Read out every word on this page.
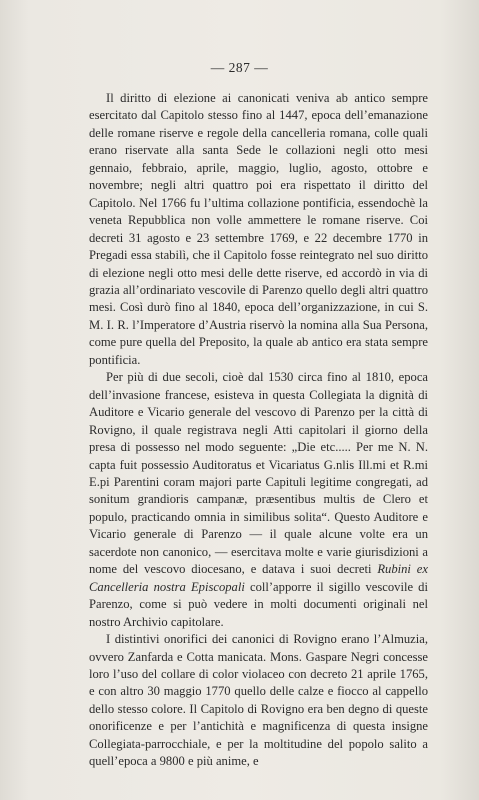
— 287 —

Il diritto di elezione ai canonicati veniva ab antico sempre esercitato dal Capitolo stesso fino al 1447, epoca dell’emanazione delle romane riserve e regole della cancelleria romana, colle quali erano riservate alla santa Sede le collazioni negli otto mesi gennaio, febbraio, aprile, maggio, luglio, agosto, ottobre e novembre; negli altri quattro poi era rispettato il diritto del Capitolo. Nel 1766 fu l’ultima collazione pontificia, essendochè la veneta Repubblica non volle ammettere le romane riserve. Coi decreti 31 agosto e 23 settembre 1769, e 22 decembre 1770 in Pregadi essa stabilì, che il Capitolo fosse reintegrato nel suo diritto di elezione negli otto mesi delle dette riserve, ed accordò in via di grazia all’ordinariato vescovile di Parenzo quello degli altri quattro mesi. Così durò fino al 1840, epoca dell’organizzazione, in cui S. M. I. R. l’Imperatore d’Austria riservò la nomina alla Sua Persona, come pure quella del Preposito, la quale ab antico era stata sempre pontificia.

Per più di due secoli, cioè dal 1530 circa fino al 1810, epoca dell’invasione francese, esisteva in questa Collegiata la dignità di Auditore e Vicario generale del vescovo di Parenzo per la città di Rovigno, il quale registrava negli Atti capitolari il giorno della presa di possesso nel modo seguente: „Die etc..... Per me N. N. capta fuit possessio Auditoratus et Vicariatus G.nlis Ill.mi et R.mi E.pi Parentini coram majori parte Capituli legitime congregati, ad sonitum grandioris campanæ, præsentibus multis de Clero et populo, practicando omnia in similibus solita“. Questo Auditore e Vicario generale di Parenzo — il quale alcune volte era un sacerdote non canonico, — esercitava molte e varie giurisdizioni a nome del vescovo diocesano, e datava i suoi decreti Rubini ex Cancelleria nostra Episcopali coll’apporre il sigillo vescovile di Parenzo, come si può vedere in molti documenti originali nel nostro Archivio capitolare.

I distintivi onorifici dei canonici di Rovigno erano l’Almuzia, ovvero Zanfarda e Cotta manicata. Mons. Gaspare Negri concesse loro l’uso del collare di color violaceo con decreto 21 aprile 1765, e con altro 30 maggio 1770 quello delle calze e fiocco al cappello dello stesso colore. Il Capitolo di Rovigno era ben degno di queste onorificenze e per l’antichità e magnificenza di questa insigne Collegiata-parrocchiale, e per la moltitudine del popolo salito a quell’epoca a 9800 e più anime, e
